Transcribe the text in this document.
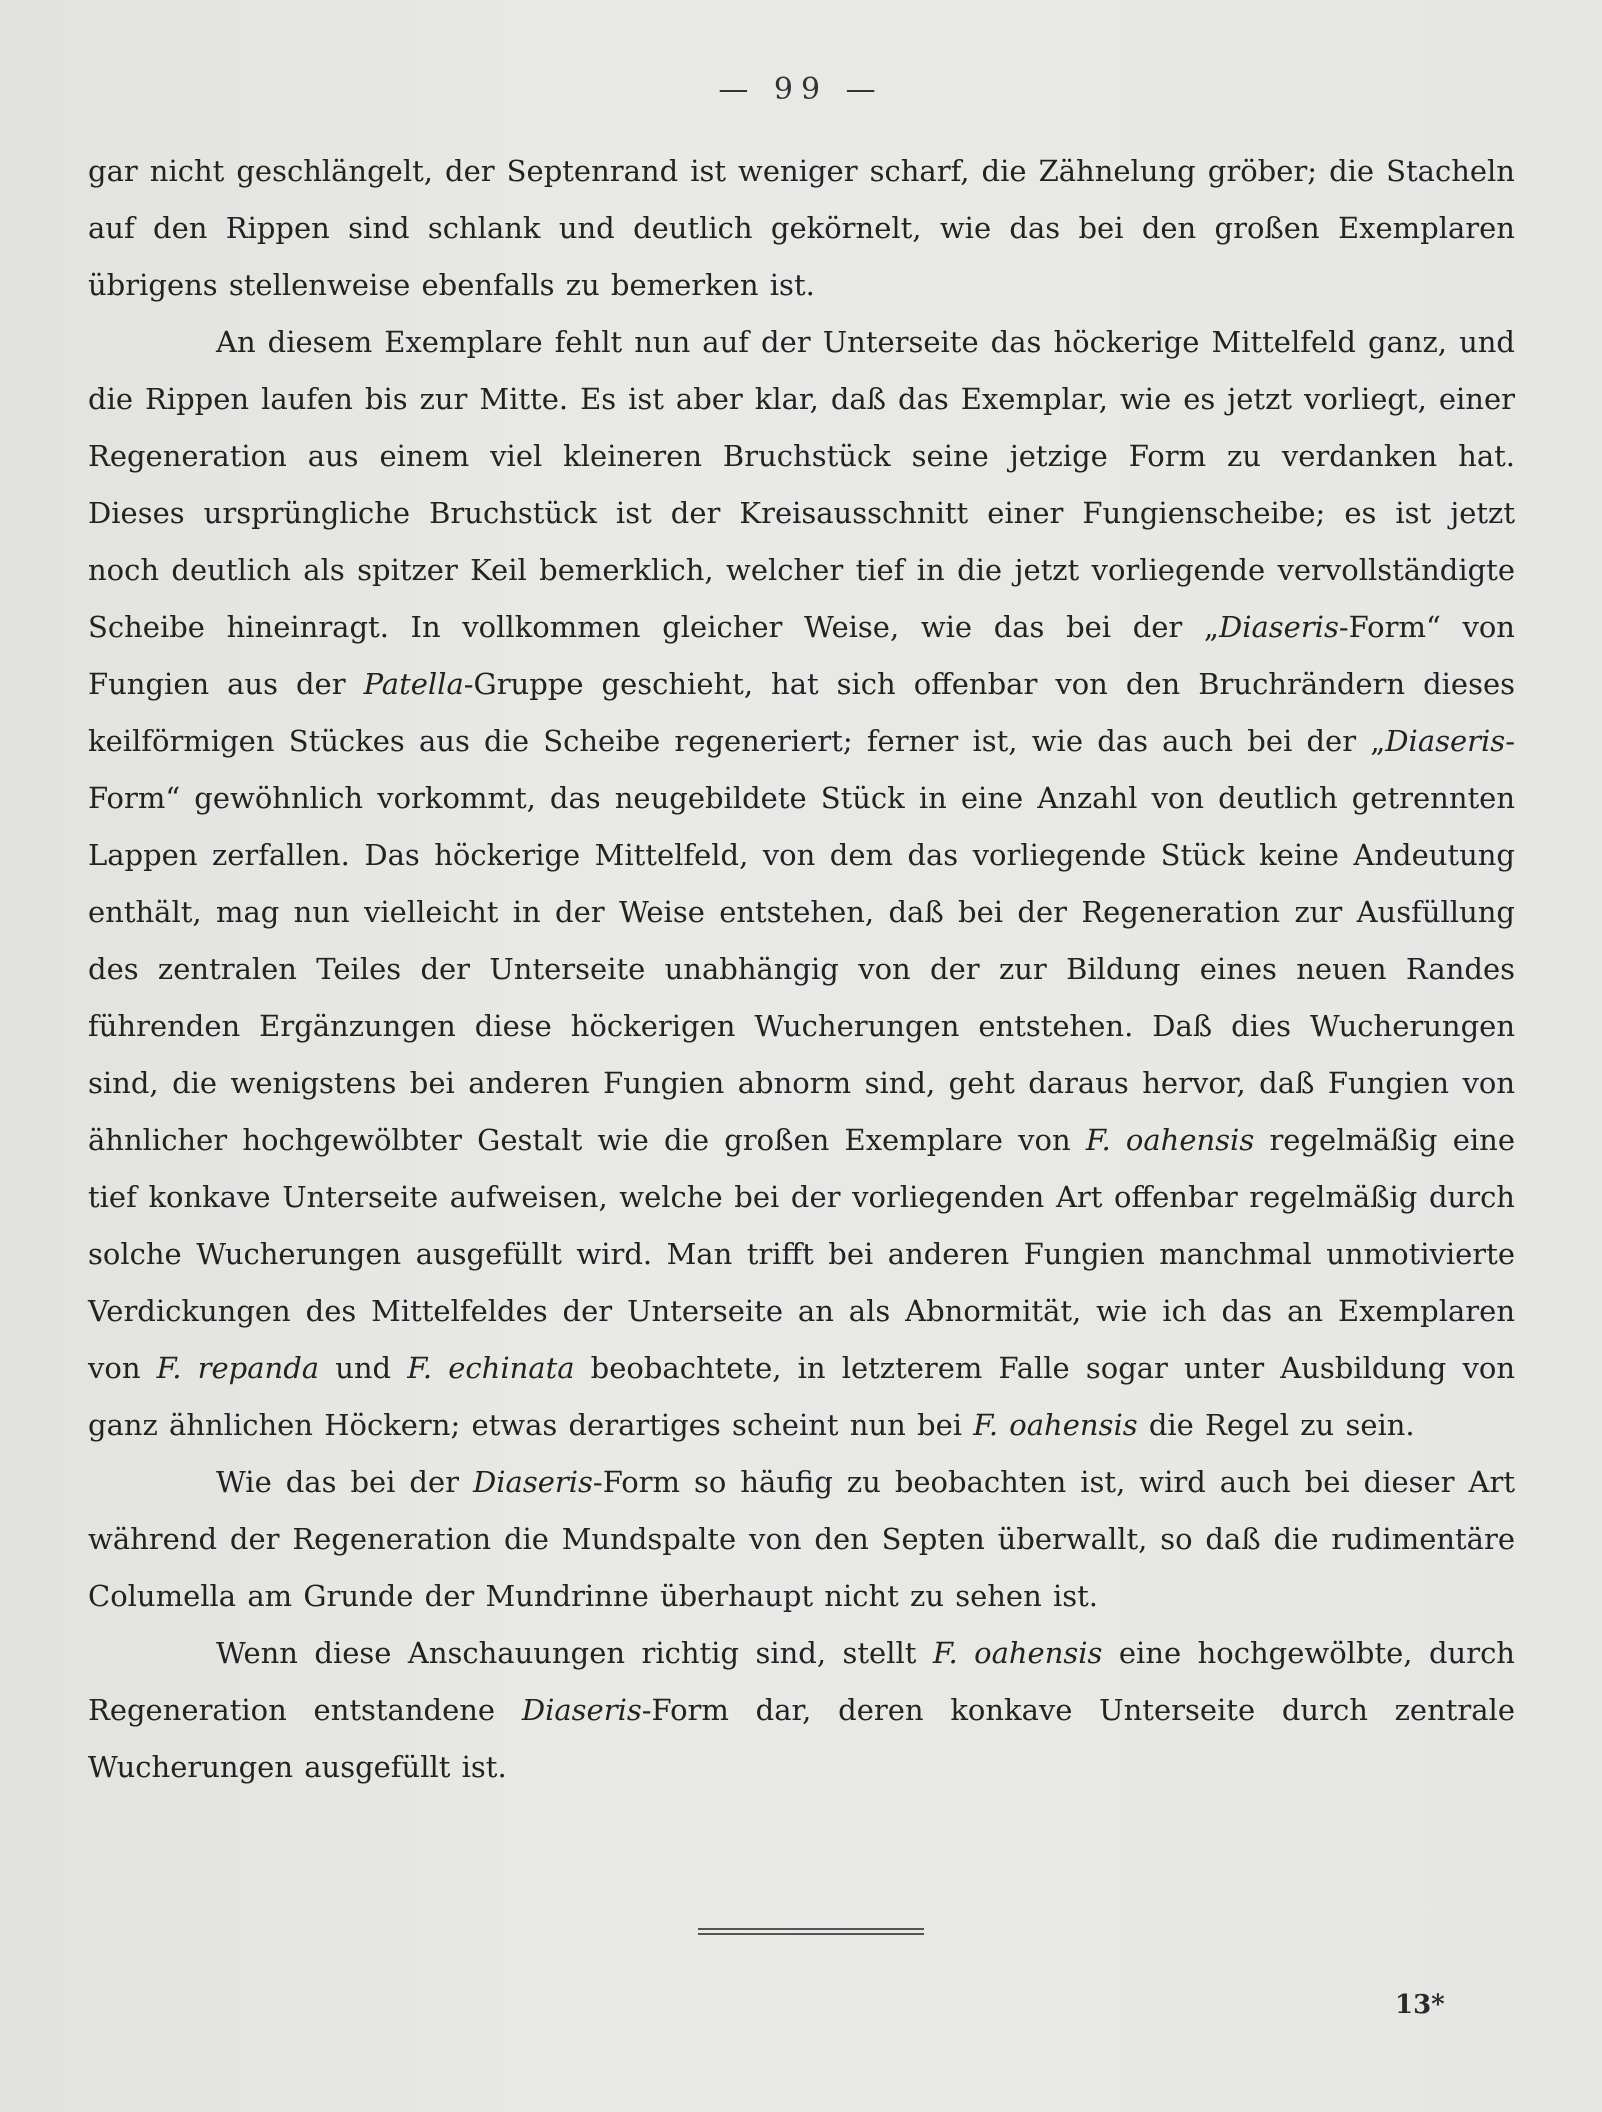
— 99 —

gar nicht geschlängelt, der Septenrand ist weniger scharf, die Zähnelung gröber; die Stacheln auf den Rippen sind schlank und deutlich gekörnelt, wie das bei den großen Exemplaren übrigens stellenweise ebenfalls zu bemerken ist.

An diesem Exemplare fehlt nun auf der Unterseite das höckerige Mittelfeld ganz, und die Rippen laufen bis zur Mitte. Es ist aber klar, daß das Exemplar, wie es jetzt vorliegt, einer Regeneration aus einem viel kleineren Bruchstück seine jetzige Form zu verdanken hat. Dieses ursprüngliche Bruchstück ist der Kreisausschnitt einer Fungienscheibe; es ist jetzt noch deutlich als spitzer Keil bemerklich, welcher tief in die jetzt vorliegende vervollständigte Scheibe hineinragt. In vollkommen gleicher Weise, wie das bei der „Diaseris-Form“ von Fungien aus der Patella-Gruppe geschieht, hat sich offenbar von den Bruchrändern dieses keilförmigen Stückes aus die Scheibe regeneriert; ferner ist, wie das auch bei der „Diaseris-Form“ gewöhnlich vorkommt, das neugebildete Stück in eine Anzahl von deutlich getrennten Lappen zerfallen. Das höckerige Mittelfeld, von dem das vorliegende Stück keine Andeutung enthält, mag nun vielleicht in der Weise entstehen, daß bei der Regeneration zur Ausfüllung des zentralen Teiles der Unterseite unabhängig von der zur Bildung eines neuen Randes führenden Ergänzungen diese höckerigen Wucherungen entstehen. Daß dies Wucherungen sind, die wenigstens bei anderen Fungien abnorm sind, geht daraus hervor, daß Fungien von ähnlicher hochgewölbter Gestalt wie die großen Exemplare von F. oahensis regelmäßig eine tief konkave Unterseite aufweisen, welche bei der vorliegenden Art offenbar regelmäßig durch solche Wucherungen ausgefüllt wird. Man trifft bei anderen Fungien manchmal unmotivierte Verdickungen des Mittelfeldes der Unterseite an als Abnormität, wie ich das an Exemplaren von F. repanda und F. echinata beobachtete, in letzterem Falle sogar unter Ausbildung von ganz ähnlichen Höckern; etwas derartiges scheint nun bei F. oahensis die Regel zu sein.

Wie das bei der Diaseris-Form so häufig zu beobachten ist, wird auch bei dieser Art während der Regeneration die Mundspalte von den Septen überwallt, so daß die rudimentäre Columella am Grunde der Mundrinne überhaupt nicht zu sehen ist.

Wenn diese Anschauungen richtig sind, stellt F. oahensis eine hochgewölbte, durch Regeneration entstandene Diaseris-Form dar, deren konkave Unterseite durch zentrale Wucherungen ausgefüllt ist.

13*
